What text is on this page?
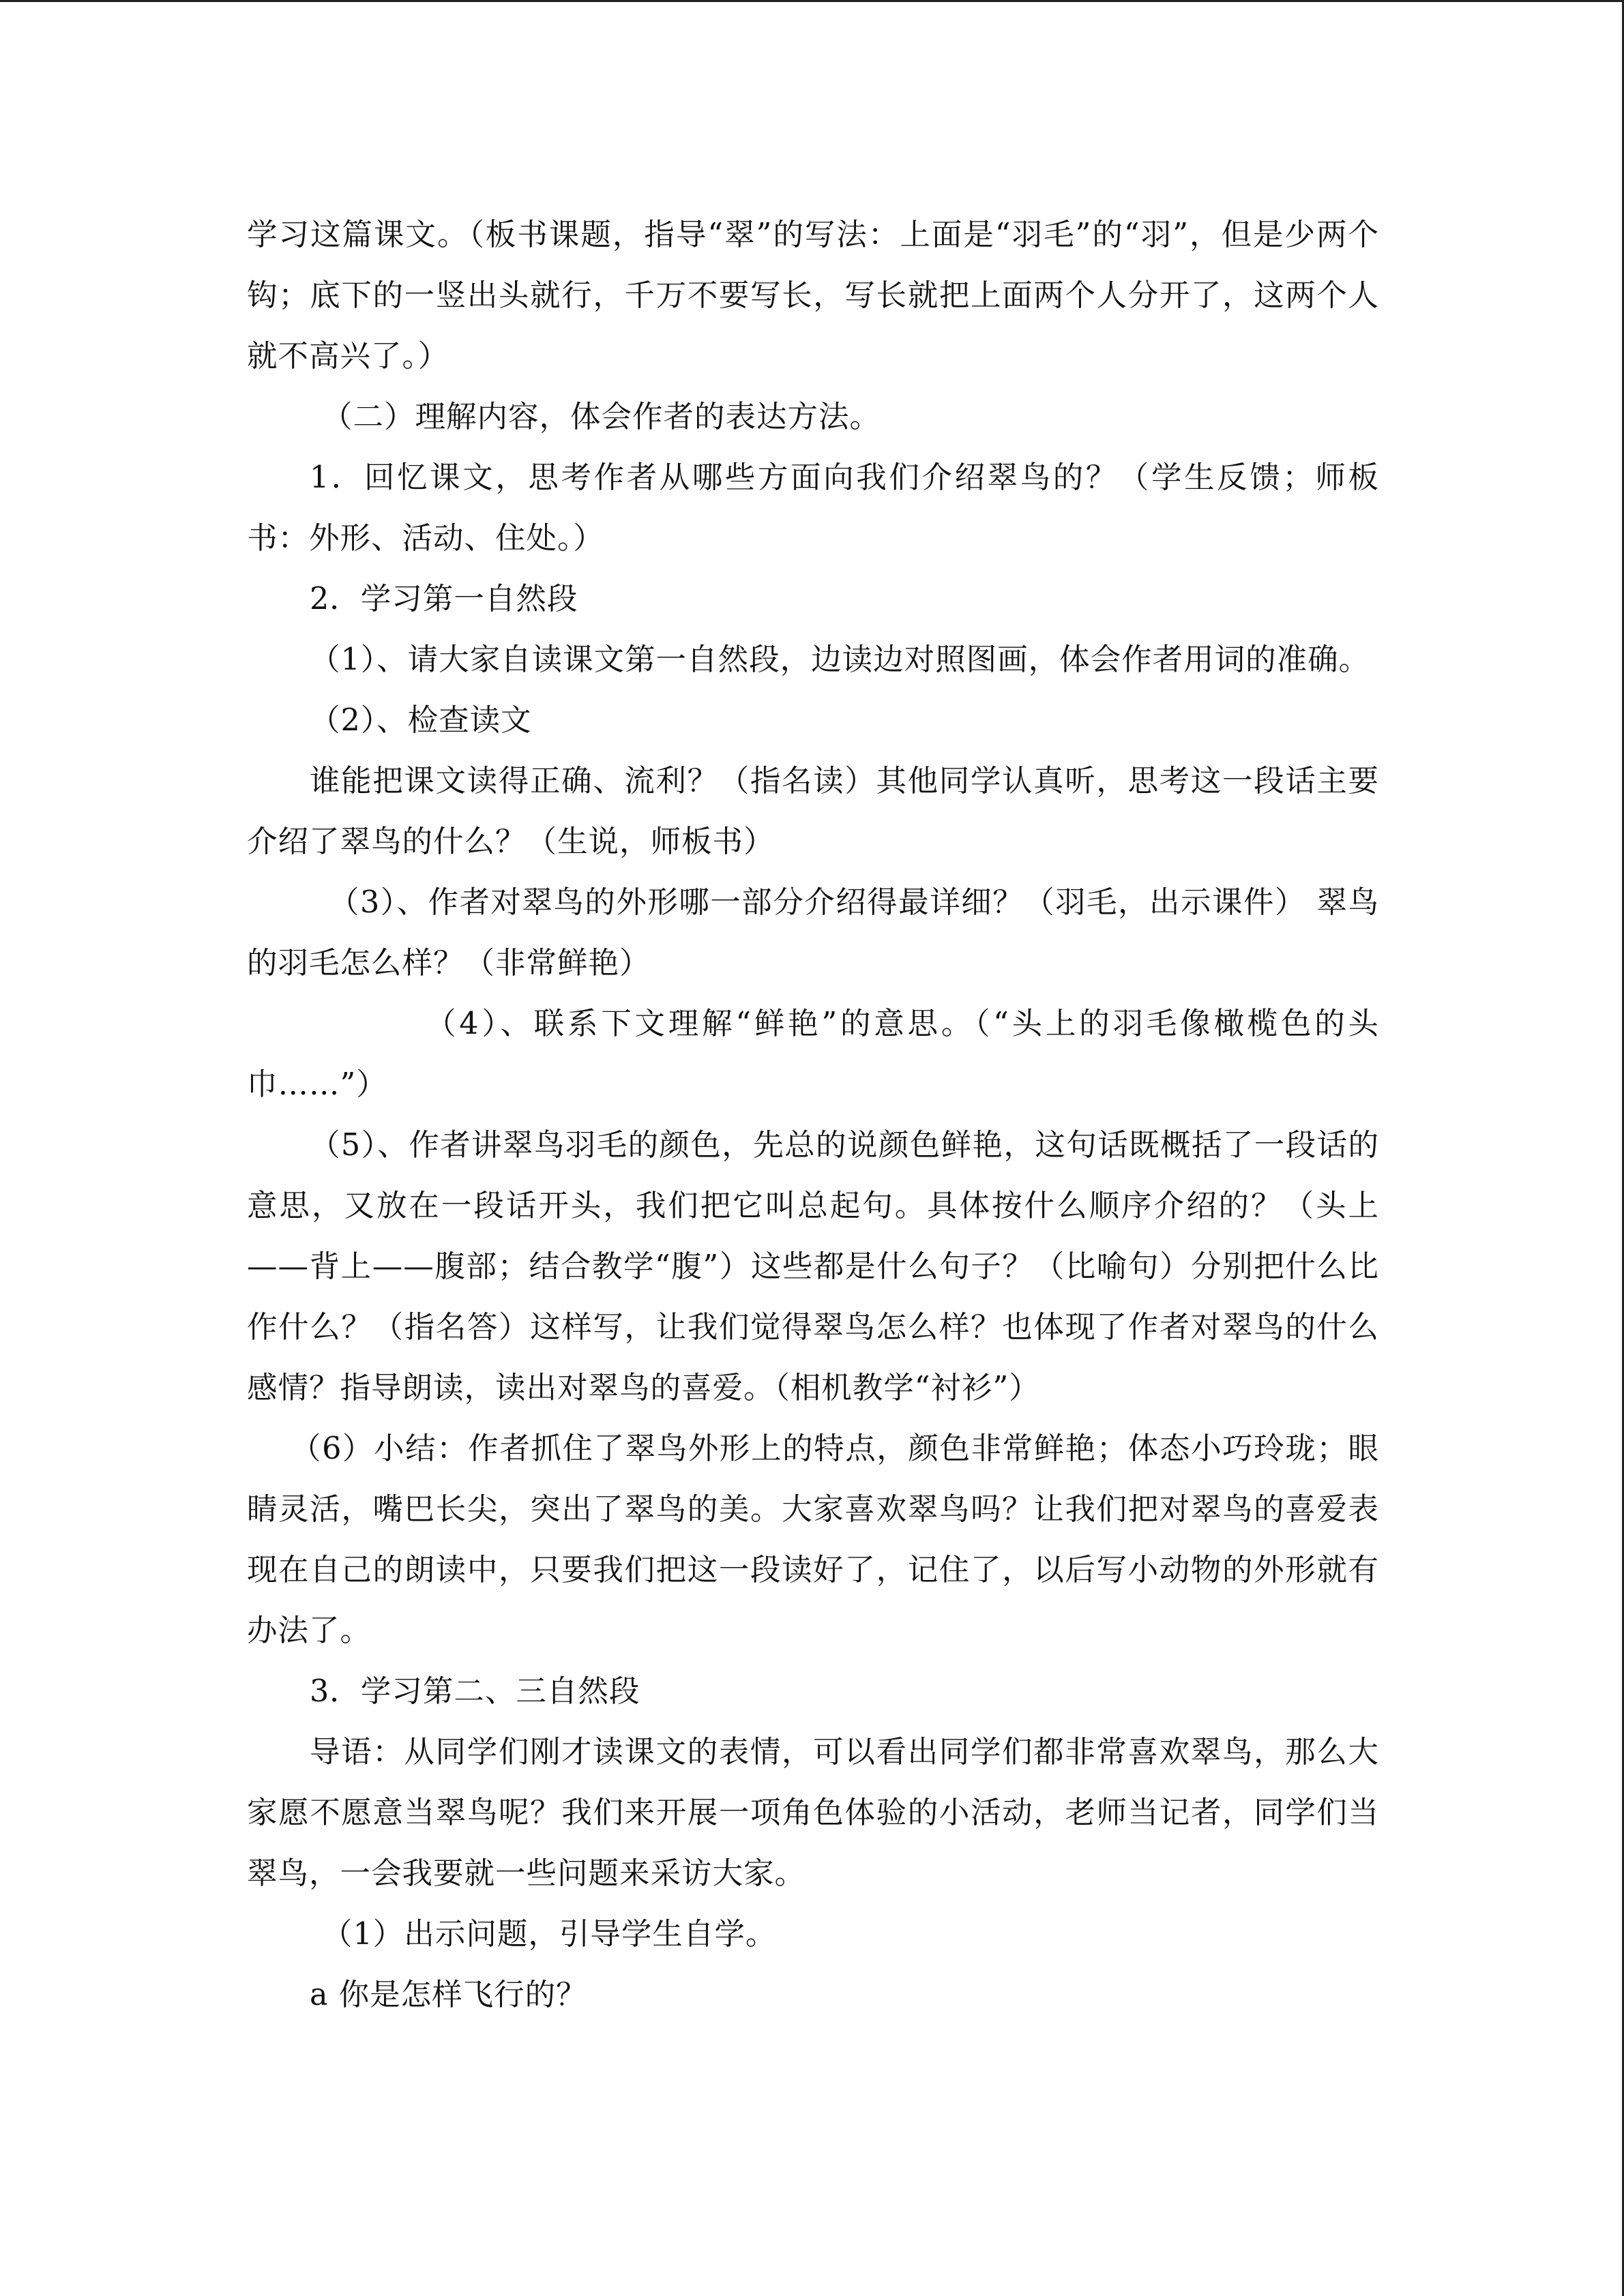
学习这篇课文。（板书课题，指导“翠”的写法：上面是“羽毛”的“羽”，但是少两个钩；底下的一竖出头就行，千万不要写长，写长就把上面两个人分开了，这两个人就不高兴了。）

（二）理解内容，体会作者的表达方法。

1．回忆课文，思考作者从哪些方面向我们介绍翠鸟的？（学生反馈；师板书：外形、活动、住处。）

2．学习第一自然段

（1）、请大家自读课文第一自然段，边读边对照图画，体会作者用词的准确。

（2）、检查读文

谁能把课文读得正确、流利？（指名读）其他同学认真听，思考这一段话主要介绍了翠鸟的什么？（生说，师板书）

（3）、作者对翠鸟的外形哪一部分介绍得最详细？（羽毛，出示课件） 翠鸟的羽毛怎么样？（非常鲜艳）

（4）、联系下文理解“鲜艳”的意思。（“头上的羽毛像橄榄色的头巾……”）

（5）、作者讲翠鸟羽毛的颜色，先总的说颜色鲜艳，这句话既概括了一段话的意思，又放在一段话开头，我们把它叫总起句。具体按什么顺序介绍的？（头上——背上——腹部；结合教学“腹”）这些都是什么句子？（比喻句）分别把什么比作什么？（指名答）这样写，让我们觉得翠鸟怎么样？也体现了作者对翠鸟的什么感情？指导朗读，读出对翠鸟的喜爱。（相机教学“衬衫”）

（6）小结：作者抓住了翠鸟外形上的特点，颜色非常鲜艳；体态小巧玲珑；眼睛灵活，嘴巴长尖，突出了翠鸟的美。大家喜欢翠鸟吗？让我们把对翠鸟的喜爱表现在自己的朗读中，只要我们把这一段读好了，记住了，以后写小动物的外形就有办法了。

3．学习第二、三自然段

导语：从同学们刚才读课文的表情，可以看出同学们都非常喜欢翠鸟，那么大家愿不愿意当翠鸟呢？我们来开展一项角色体验的小活动，老师当记者，同学们当翠鸟，一会我要就一些问题来采访大家。

（1）出示问题，引导学生自学。

a 你是怎样飞行的？
